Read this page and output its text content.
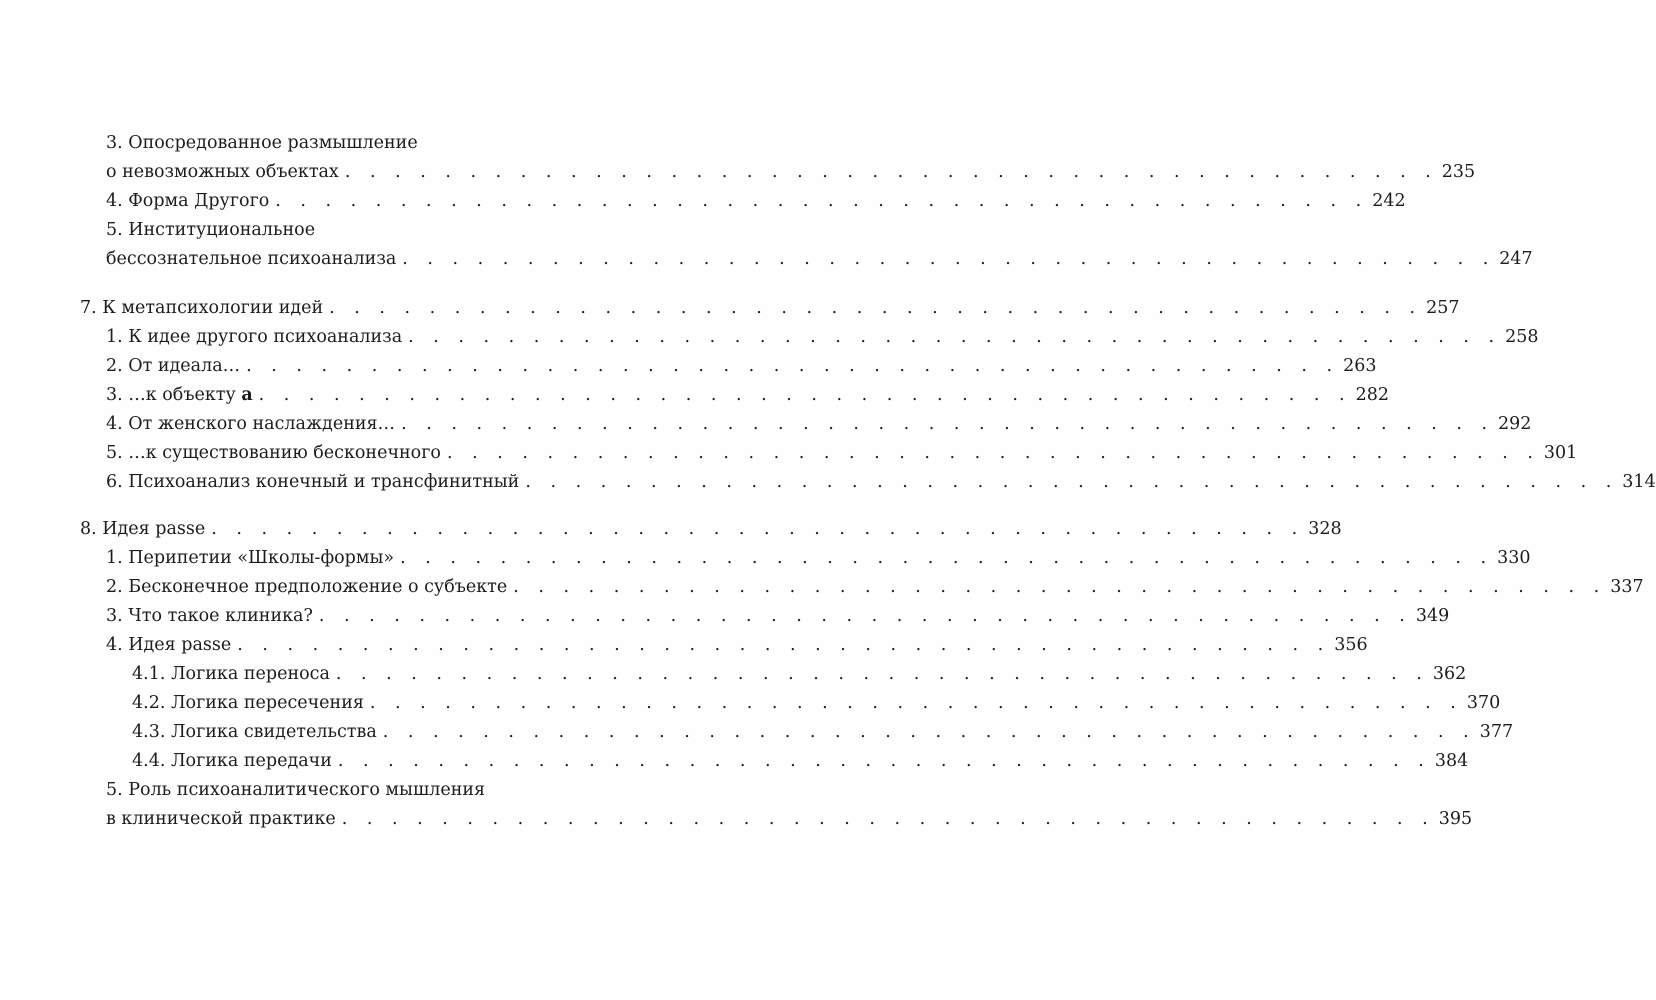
3. Опосредованное размышление
о невозможных объектах . . . . . . . . . . . . . . . . . . . . . . . . . . . . . . . . . . . . . . . . . . . . 235
4. Форма Другого . . . . . . . . . . . . . . . . . . . . . . . . . . . . . . . . . . . . . . . . . . . . 242
5. Институциональное
бессознательное психоанализа . . . . . . . . . . . . . . . . . . . . . . . . . . . . . . . . . . . . . . . . . . . . 247
7. К метапсихологии идей . . . . . . . . . . . . . . . . . . . . . . . . . . . . . . . . . . . . . . . . . . . . 257
1. К идее другого психоанализа . . . . . . . . . . . . . . . . . . . . . . . . . . . . . . . . . . . . . . . . . . . . 258
2. От идеала… . . . . . . . . . . . . . . . . . . . . . . . . . . . . . . . . . . . . . . . . . . . . 263
3. …к объекту a . . . . . . . . . . . . . . . . . . . . . . . . . . . . . . . . . . . . . . . . . . . . 282
4. От женского наслаждения… . . . . . . . . . . . . . . . . . . . . . . . . . . . . . . . . . . . . . . . . . . . . 292
5. …к существованию бесконечного . . . . . . . . . . . . . . . . . . . . . . . . . . . . . . . . . . . . . . . . . . . . 301
6. Психоанализ конечный и трансфинитный . . . . . . . . . . . . . . . . . . . . . . . . . . . . . . . . . . . . . . . . . . . . 314
8. Идея passe . . . . . . . . . . . . . . . . . . . . . . . . . . . . . . . . . . . . . . . . . . . . 328
1. Перипетии «Школы-формы» . . . . . . . . . . . . . . . . . . . . . . . . . . . . . . . . . . . . . . . . . . . . 330
2. Бесконечное предположение о субъекте . . . . . . . . . . . . . . . . . . . . . . . . . . . . . . . . . . . . . . . . . . . . 337
3. Что такое клиника? . . . . . . . . . . . . . . . . . . . . . . . . . . . . . . . . . . . . . . . . . . . . 349
4. Идея passe . . . . . . . . . . . . . . . . . . . . . . . . . . . . . . . . . . . . . . . . . . . . 356
4.1. Логика переноса . . . . . . . . . . . . . . . . . . . . . . . . . . . . . . . . . . . . . . . . . . . . 362
4.2. Логика пересечения . . . . . . . . . . . . . . . . . . . . . . . . . . . . . . . . . . . . . . . . . . . . 370
4.3. Логика свидетельства . . . . . . . . . . . . . . . . . . . . . . . . . . . . . . . . . . . . . . . . . . . . 377
4.4. Логика передачи . . . . . . . . . . . . . . . . . . . . . . . . . . . . . . . . . . . . . . . . . . . . 384
5. Роль психоаналитического мышления
в клинической практике . . . . . . . . . . . . . . . . . . . . . . . . . . . . . . . . . . . . . . . . . . . . 395
